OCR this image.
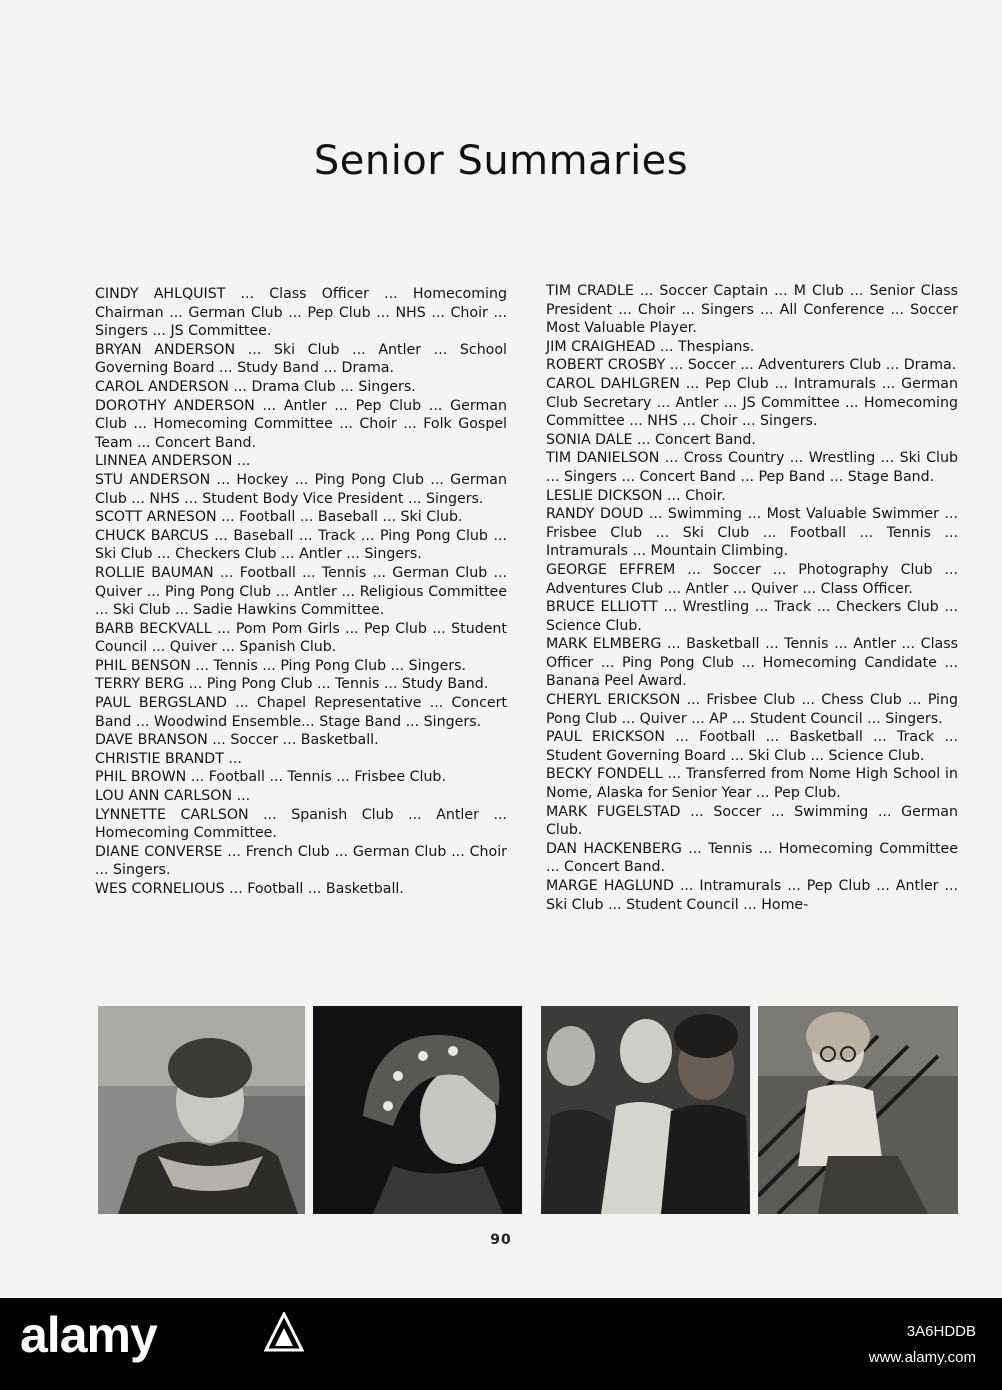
Senior Summaries

CINDY AHLQUIST ... Class Officer ... Homecoming Chairman ... German Club ... Pep Club ... NHS ... Choir ... Singers ... JS Committee.

BRYAN ANDERSON ... Ski Club ... Antler ... School Governing Board ... Study Band ... Drama.

CAROL ANDERSON ... Drama Club ... Singers.

DOROTHY ANDERSON ... Antler ... Pep Club ... German Club ... Homecoming Committee ... Choir ... Folk Gospel Team ... Concert Band.

LINNEA ANDERSON ...

STU ANDERSON ... Hockey ... Ping Pong Club ... German Club ... NHS ... Student Body Vice President ... Singers.

SCOTT ARNESON ... Football ... Baseball ... Ski Club.

CHUCK BARCUS ... Baseball ... Track ... Ping Pong Club ... Ski Club ... Checkers Club ... Antler ... Singers.

ROLLIE BAUMAN ... Football ... Tennis ... German Club ... Quiver ... Ping Pong Club ... Antler ... Religious Committee ... Ski Club ... Sadie Hawkins Committee.

BARB BECKVALL ... Pom Pom Girls ... Pep Club ... Student Council ... Quiver ... Spanish Club.

PHIL BENSON ... Tennis ... Ping Pong Club ... Singers.

TERRY BERG ... Ping Pong Club ... Tennis ... Study Band.

PAUL BERGSLAND ... Chapel Representative ... Concert Band ... Woodwind Ensemble... Stage Band ... Singers.

DAVE BRANSON ... Soccer ... Basketball.

CHRISTIE BRANDT ...

PHIL BROWN ... Football ... Tennis ... Frisbee Club.

LOU ANN CARLSON ...

LYNNETTE CARLSON ... Spanish Club ... Antler ... Homecoming Committee.

DIANE CONVERSE ... French Club ... German Club ... Choir ... Singers.

WES CORNELIOUS ... Football ... Basketball.

TIM CRADLE ... Soccer Captain ... M Club ... Senior Class President ... Choir ... Singers ... All Conference ... Soccer Most Valuable Player.

JIM CRAIGHEAD ... Thespians.

ROBERT CROSBY ... Soccer ... Adventurers Club ... Drama.

CAROL DAHLGREN ... Pep Club ... Intramurals ... German Club Secretary ... Antler ... JS Committee ... Homecoming Committee ... NHS ... Choir ... Singers.

SONIA DALE ... Concert Band.

TIM DANIELSON ... Cross Country ... Wrestling ... Ski Club ... Singers ... Concert Band ... Pep Band ... Stage Band.

LESLIE DICKSON ... Choir.

RANDY DOUD ... Swimming ... Most Valuable Swimmer ... Frisbee Club ... Ski Club ... Football ... Tennis ... Intramurals ... Mountain Climbing.

GEORGE EFFREM ... Soccer ... Photography Club ... Adventures Club ... Antler ... Quiver ... Class Officer.

BRUCE ELLIOTT ... Wrestling ... Track ... Checkers Club ... Science Club.

MARK ELMBERG ... Basketball ... Tennis ... Antler ... Class Officer ... Ping Pong Club ... Homecoming Candidate ... Banana Peel Award.

CHERYL ERICKSON ... Frisbee Club ... Chess Club ... Ping Pong Club ... Quiver ... AP ... Student Council ... Singers.

PAUL ERICKSON ... Football ... Basketball ... Track ... Student Governing Board ... Ski Club ... Science Club.

BECKY FONDELL ... Transferred from Nome High School in Nome, Alaska for Senior Year ... Pep Club.

MARK FUGELSTAD ... Soccer ... Swimming ... German Club.

DAN HACKENBERG ... Tennis ... Homecoming Committee ... Concert Band.

MARGE HAGLUND ... Intramurals ... Pep Club ... Antler ... Ski Club ... Student Council ... Home-

90
alamy	3A6HDDB
www.alamy.com
